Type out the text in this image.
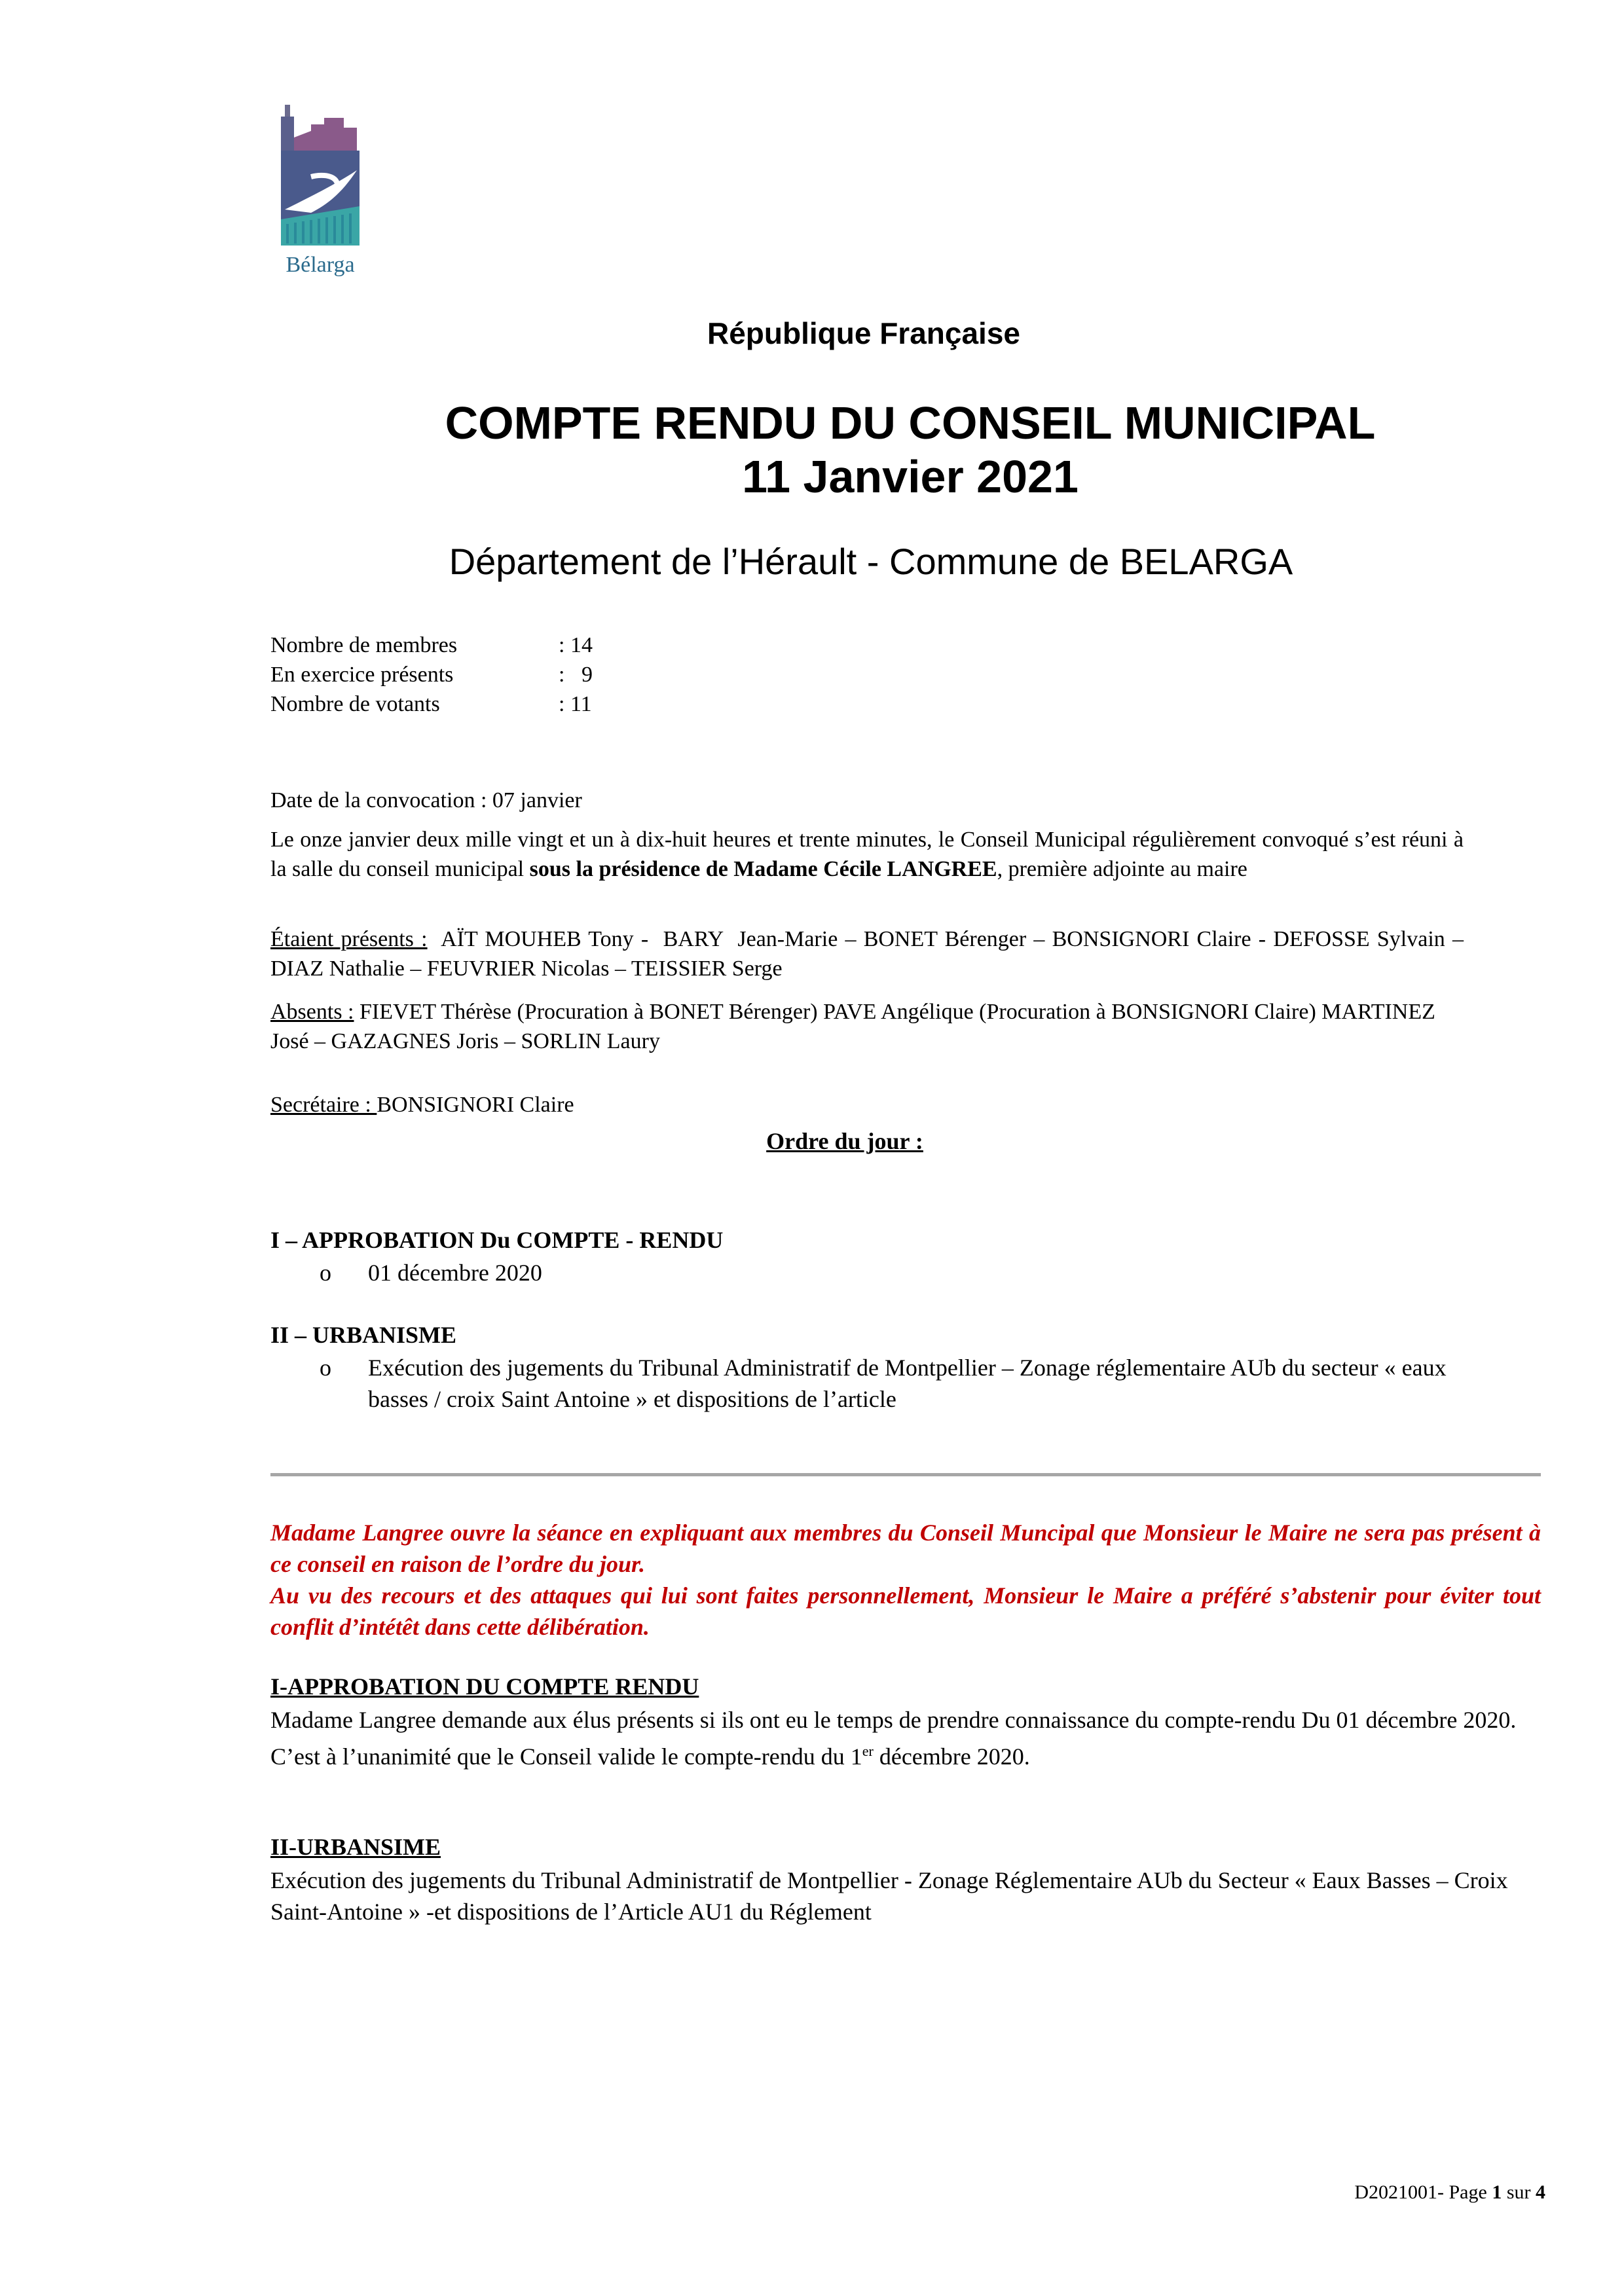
Bélarga
République Française
COMPTE RENDU DU CONSEIL MUNICIPAL
11 Janvier 2021
Département de l’Hérault - Commune de BELARGA
Nombre de membres	: 14
En exercice présents	:   9
Nombre de votants	: 11
Date de la convocation : 07 janvier
Le onze janvier deux mille vingt et un à dix-huit heures et trente minutes, le Conseil Municipal régulièrement convoqué s’est réuni à la salle du conseil municipal sous la présidence de Madame Cécile LANGREE, première adjointe au maire
Étaient présents :  AÏT MOUHEB Tony -  BARY  Jean-Marie – BONET Bérenger – BONSIGNORI Claire - DEFOSSE Sylvain – DIAZ Nathalie – FEUVRIER Nicolas – TEISSIER Serge
Absents : FIEVET Thérèse (Procuration à BONET Bérenger) PAVE Angélique (Procuration à BONSIGNORI Claire) MARTINEZ José – GAZAGNES Joris – SORLIN Laury
Secrétaire : BONSIGNORI Claire
Ordre du jour :
I – APPROBATION Du COMPTE - RENDU
o	01 décembre 2020
II – URBANISME
o	Exécution des jugements du Tribunal Administratif de Montpellier – Zonage réglementaire AUb du secteur « eaux basses / croix Saint Antoine » et dispositions de l’article
Madame Langree ouvre la séance en expliquant aux membres du Conseil Muncipal que Monsieur le Maire ne sera pas présent à ce conseil en raison de l’ordre du jour.
Au vu des recours et des attaques qui lui sont faites personnellement, Monsieur le Maire a préféré s’abstenir pour éviter tout conflit d’intétêt dans cette délibération.
I-APPROBATION DU COMPTE RENDU
Madame Langree demande aux élus présents si ils ont eu le temps de prendre connaissance du compte-rendu Du 01 décembre 2020.
C’est à l’unanimité que le Conseil valide le compte-rendu du 1er décembre 2020.
II-URBANSIME
Exécution des jugements du Tribunal Administratif de Montpellier - Zonage Réglementaire AUb du Secteur « Eaux Basses – Croix Saint-Antoine » -et dispositions de l’Article AU1 du Réglement
D2021001- Page 1 sur 4
